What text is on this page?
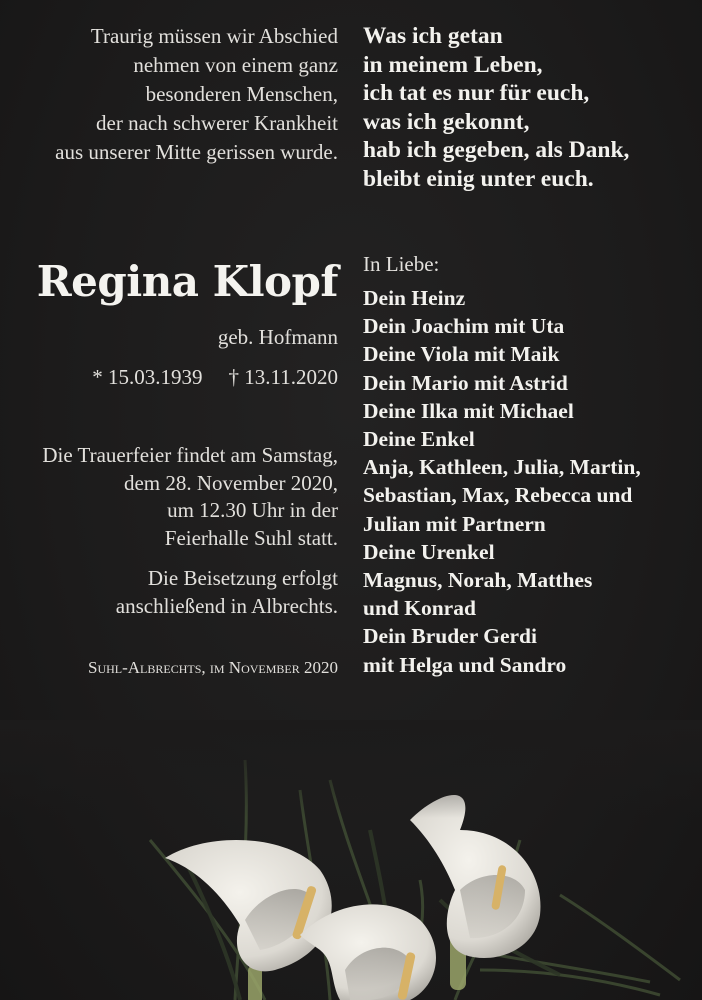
Traurig müssen wir Abschied
nehmen von einem ganz
besonderen Menschen,
der nach schwerer Krankheit
aus unserer Mitte gerissen wurde.
Was ich getan
in meinem Leben,
ich tat es nur für euch,
was ich gekonnt,
hab ich gegeben, als Dank,
bleibt einig unter euch.
Regina Klopf
geb. Hofmann
* 15.03.1939 † 13.11.2020
Die Trauerfeier findet am Samstag,
dem 28. November 2020,
um 12.30 Uhr in der
Feierhalle Suhl statt.
Die Beisetzung erfolgt
anschließend in Albrechts.
Suhl-Albrechts, im November 2020
In Liebe:
Dein Heinz
Dein Joachim mit Uta
Deine Viola mit Maik
Dein Mario mit Astrid
Deine Ilka mit Michael
Deine Enkel
Anja, Kathleen, Julia, Martin,
Sebastian, Max, Rebecca und
Julian mit Partnern
Deine Urenkel
Magnus, Norah, Matthes
und Konrad
Dein Bruder Gerdi
mit Helga und Sandro
